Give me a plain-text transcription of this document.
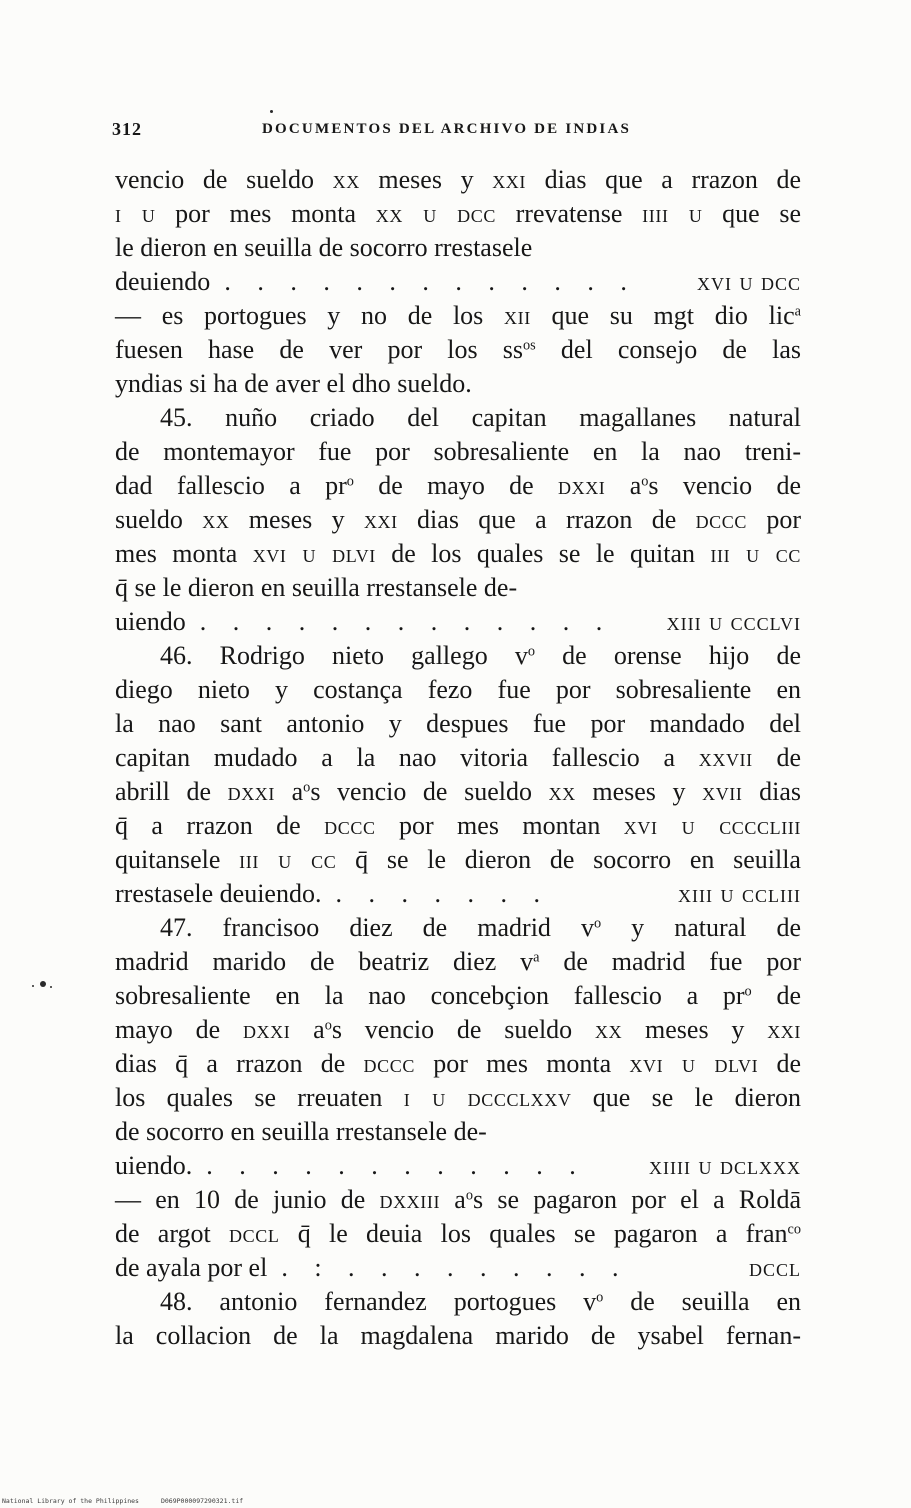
312	DOCUMENTOS DEL ARCHIVO DE INDIAS
vencio de sueldo xx meses y xxi dias que a rrazon de
i u por mes monta xx u dcc rrevatense iiii u que se
le dieron en seuilla de socorro rrestasele
deuiendo . . . . . . . . . . . . . xvi u dcc
— es portogues y no de los xii que su mgt dio lic$^a$
fuesen hase de ver por los $ss^{os}$ del consejo de las
yndias si ha de aver el dho sueldo.
45. nuño criado del capitan magallanes natural
de montemayor fue por sobresaliente en la nao treni-
dad fallescio a $pr^o$ de mayo de dxxi $a^os$ vencio de
sueldo xx meses y xxi dias que a rrazon de dccc por
mes monta xvi u dlvi de los quales se le quitan iii u cc
q̄ se le dieron en seuilla rrestansele de-
uiendo . . . . . . . . . . . . . xiii u ccclvi
46. Rodrigo nieto gallego $v^o$ de orense hijo de
diego nieto y costança fezo fue por sobresaliente en
la nao sant antonio y despues fue por mandado del
capitan mudado a la nao vitoria fallescio a xxvii de
abrill de dxxi $a^os$ vencio de sueldo xx meses y xvii dias
q̄ a rrazon de dccc por mes montan xvi u ccccliii
quitansele iii u cc q̄ se le dieron de socorro en seuilla
rrestasele deuiendo. . . . . . . .	xiii u ccliii
47. francisoo diez de madrid $v^o$ y natural de
madrid marido de beatriz diez $v^a$ de madrid fue por
sobresaliente en la nao concebçion fallescio a $pr^o$ de
mayo de dxxi $a^os$ vencio de sueldo xx meses y xxi
dias q̄ a rrazon de dccc por mes monta xvi u dlvi de
los quales se rreuaten i u dccclxxv que se le dieron
de socorro en seuilla rrestansele de-
uiendo. . . . . . . . . . . . . xiiii u dclxxx
— en 10 de junio de dxxiii $a^os$ se pagaron por el a Roldā
de argot dccl q̄ le deuia los quales se pagaron a fran$^{co}$
de ayala por el . : . . . . . . . . .	dccl
48. antonio fernandez portogues $v^o$ de seuilla en
la collacion de la magdalena marido de ysabel fernan-
National Library of the Philippines	D069P000097290321.tif
